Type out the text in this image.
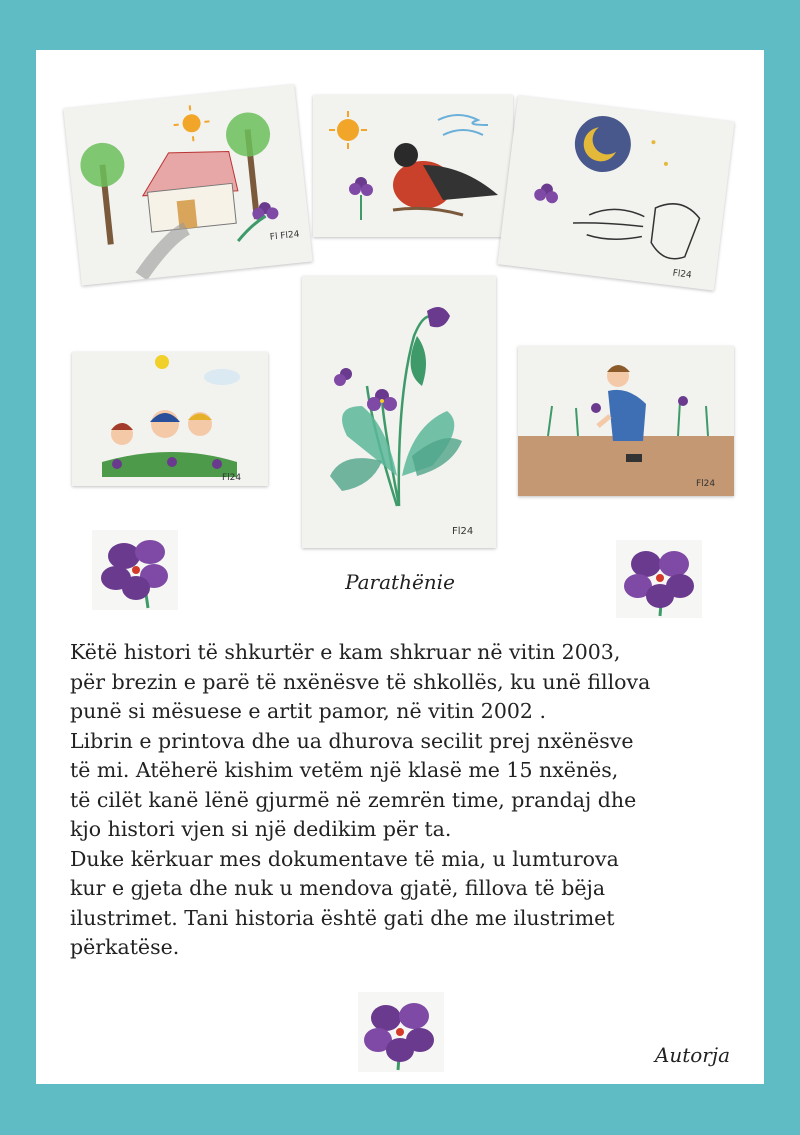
Fl Fl24
Fl24
Fl24
Fl24
Fl24
Parathënie

Këtë histori të shkurtër e kam shkruar në vitin 2003,

për brezin e parë të nxënësve të shkollës, ku unë fillova

punë si mësuese e artit pamor, në vitin 2002 .

Librin e printova dhe ua dhurova secilit prej nxënësve

të mi. Atëherë kishim vetëm një klasë me 15 nxënës,

të cilët kanë lënë gjurmë në zemrën time, prandaj dhe

kjo histori vjen si një dedikim për ta.

Duke kërkuar mes dokumentave të mia, u lumturova

kur e gjeta dhe nuk u mendova gjatë, fillova të bëja

ilustrimet. Tani historia është gati dhe me ilustrimet

përkatëse.

Autorja
